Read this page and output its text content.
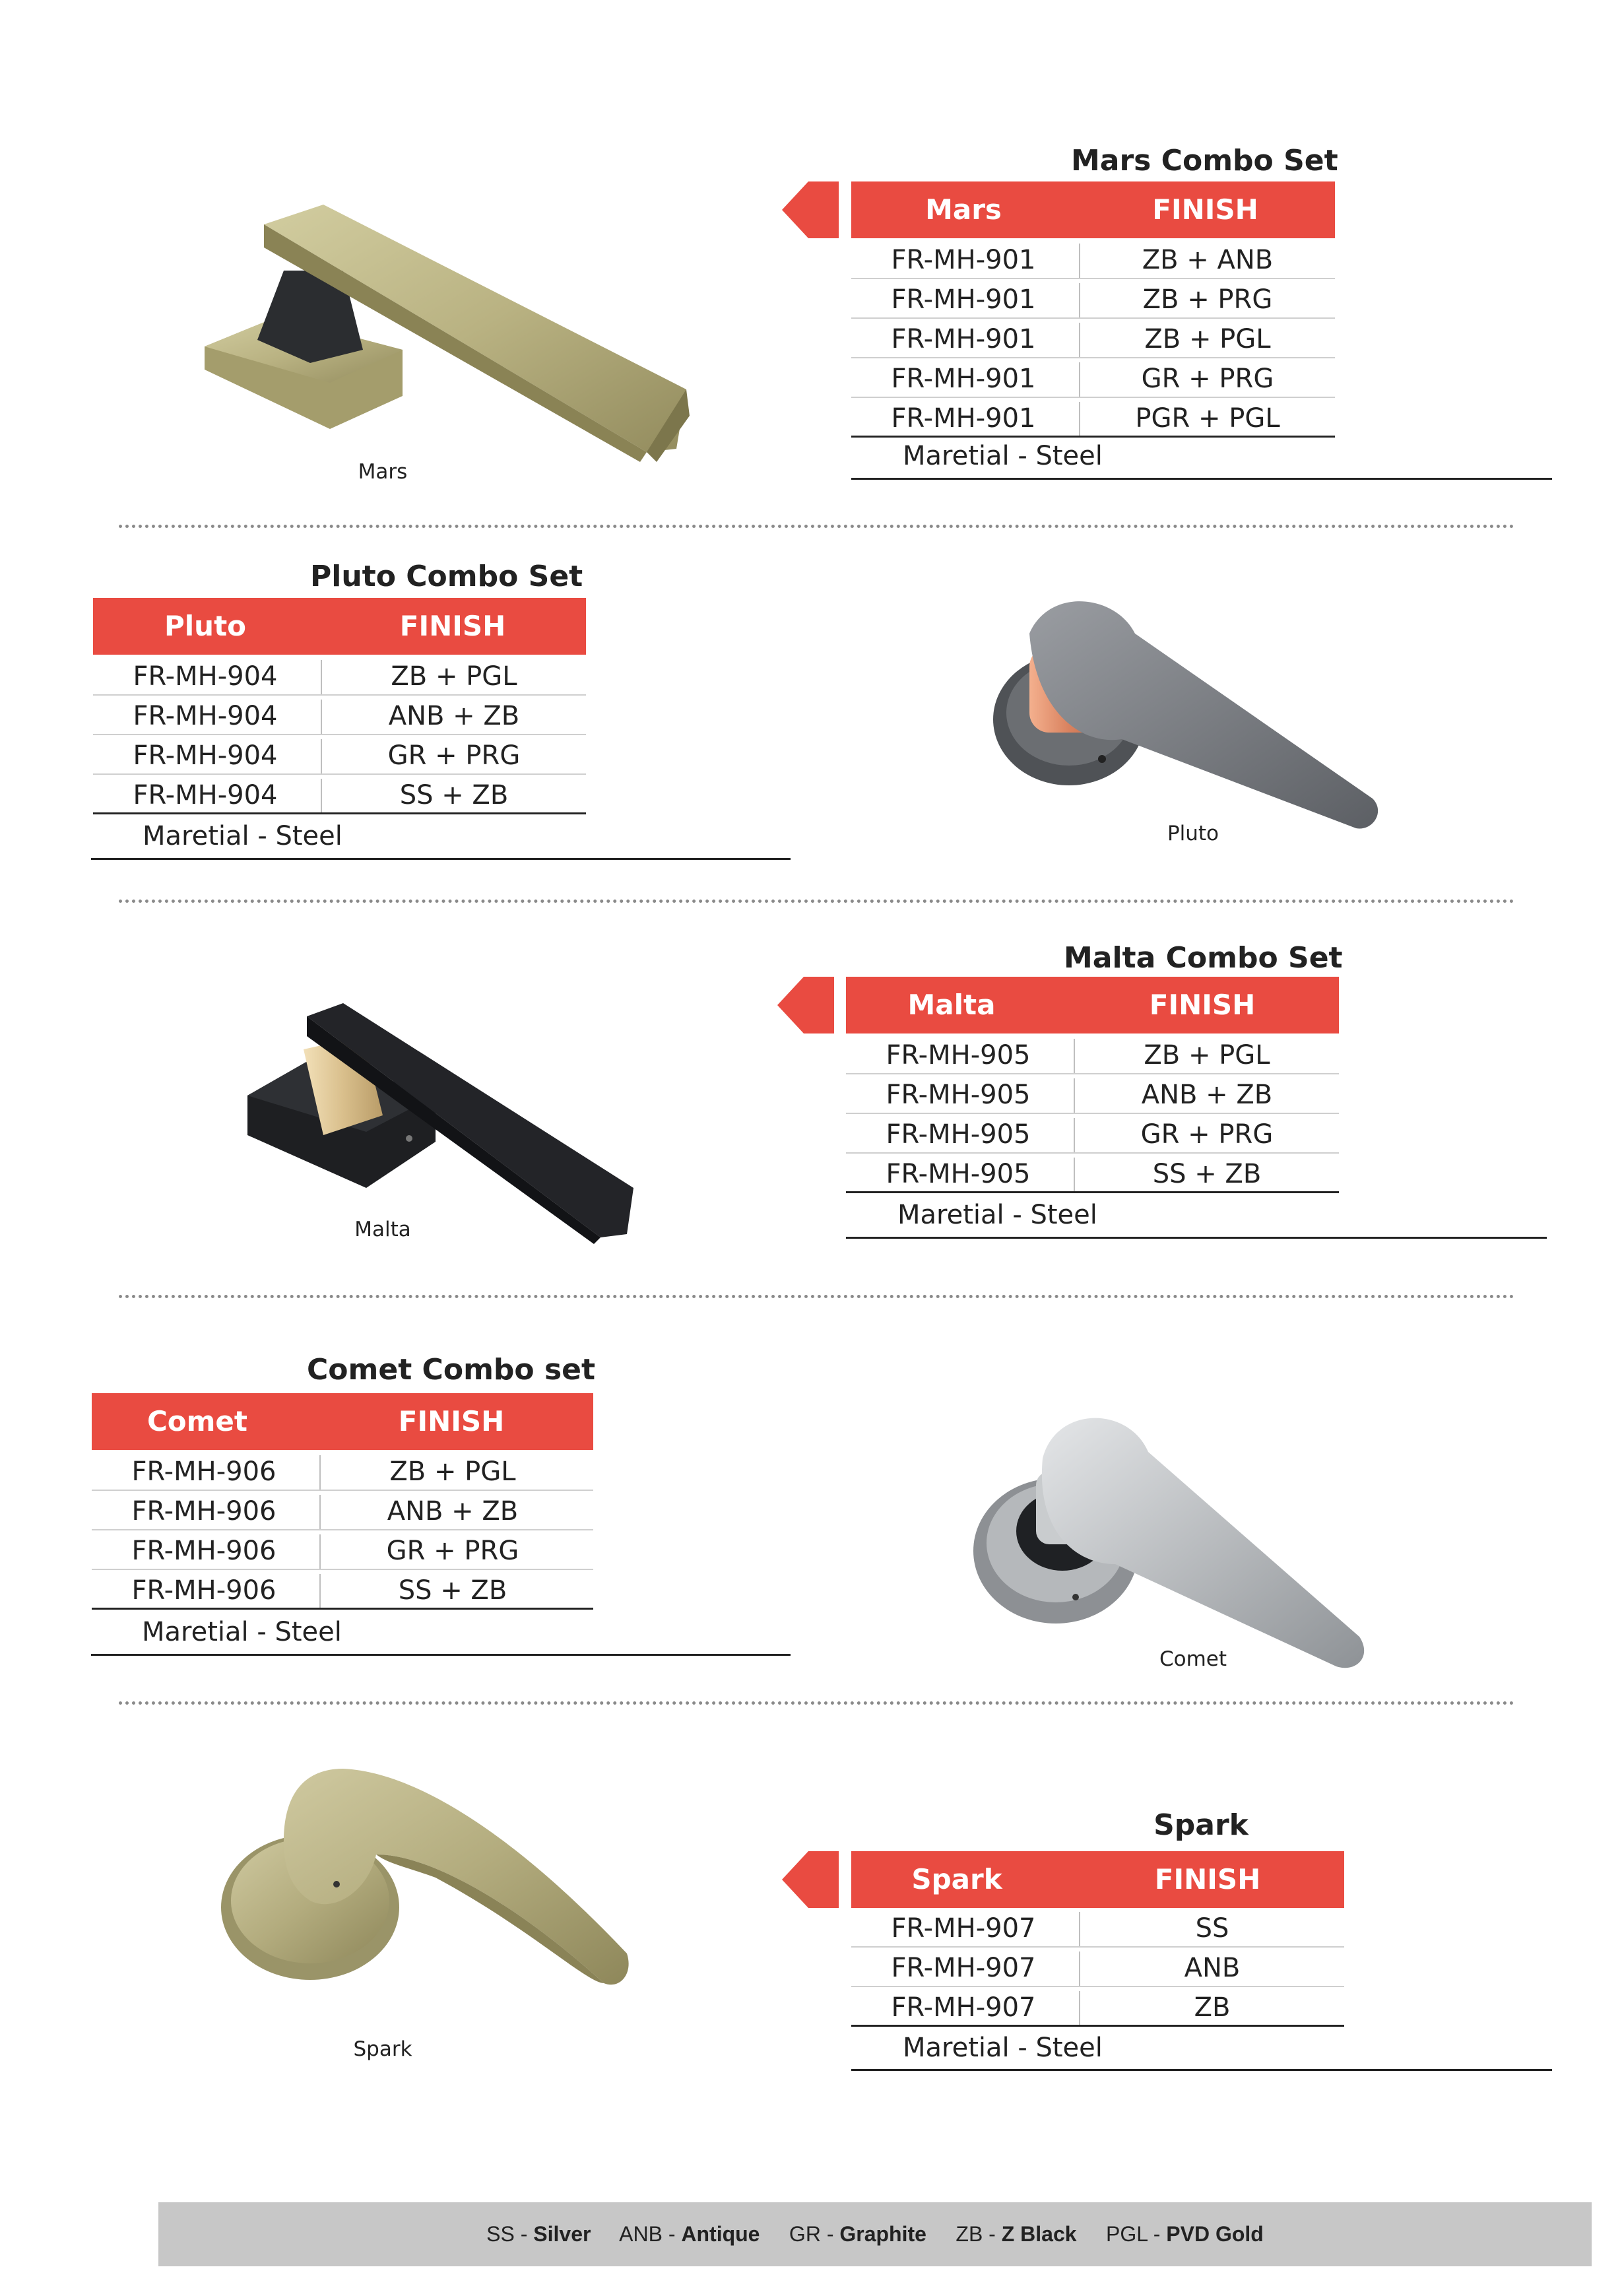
Mars Combo Set
Mars	FINISH
FR-MH-901	ZB + ANB
FR-MH-901	ZB + PRG
FR-MH-901	ZB + PGL
FR-MH-901	GR + PRG
FR-MH-901	PGR + PGL
Maretial - Steel
Mars
Pluto Combo Set
Pluto	FINISH
FR-MH-904	ZB + PGL
FR-MH-904	ANB + ZB
FR-MH-904	GR + PRG
FR-MH-904	SS + ZB
Maretial - Steel	Pluto
Malta Combo Set
Malta	FINISH
FR-MH-905	ZB + PGL
FR-MH-905	ANB + ZB
FR-MH-905	GR + PRG
FR-MH-905	SS + ZB
Maretial - Steel
Malta
Comet Combo set
Comet	FINISH
FR-MH-906	ZB + PGL
FR-MH-906	ANB + ZB
FR-MH-906	GR + PRG
FR-MH-906	SS + ZB
Maretial - Steel
Comet
Spark
Spark	FINISH
FR-MH-907	SS
FR-MH-907	ANB
FR-MH-907	ZB
Maretial - Steel
Spark
SS - Silver ANB - Antique GR - Graphite ZB - Z Black PGL - PVD Gold
